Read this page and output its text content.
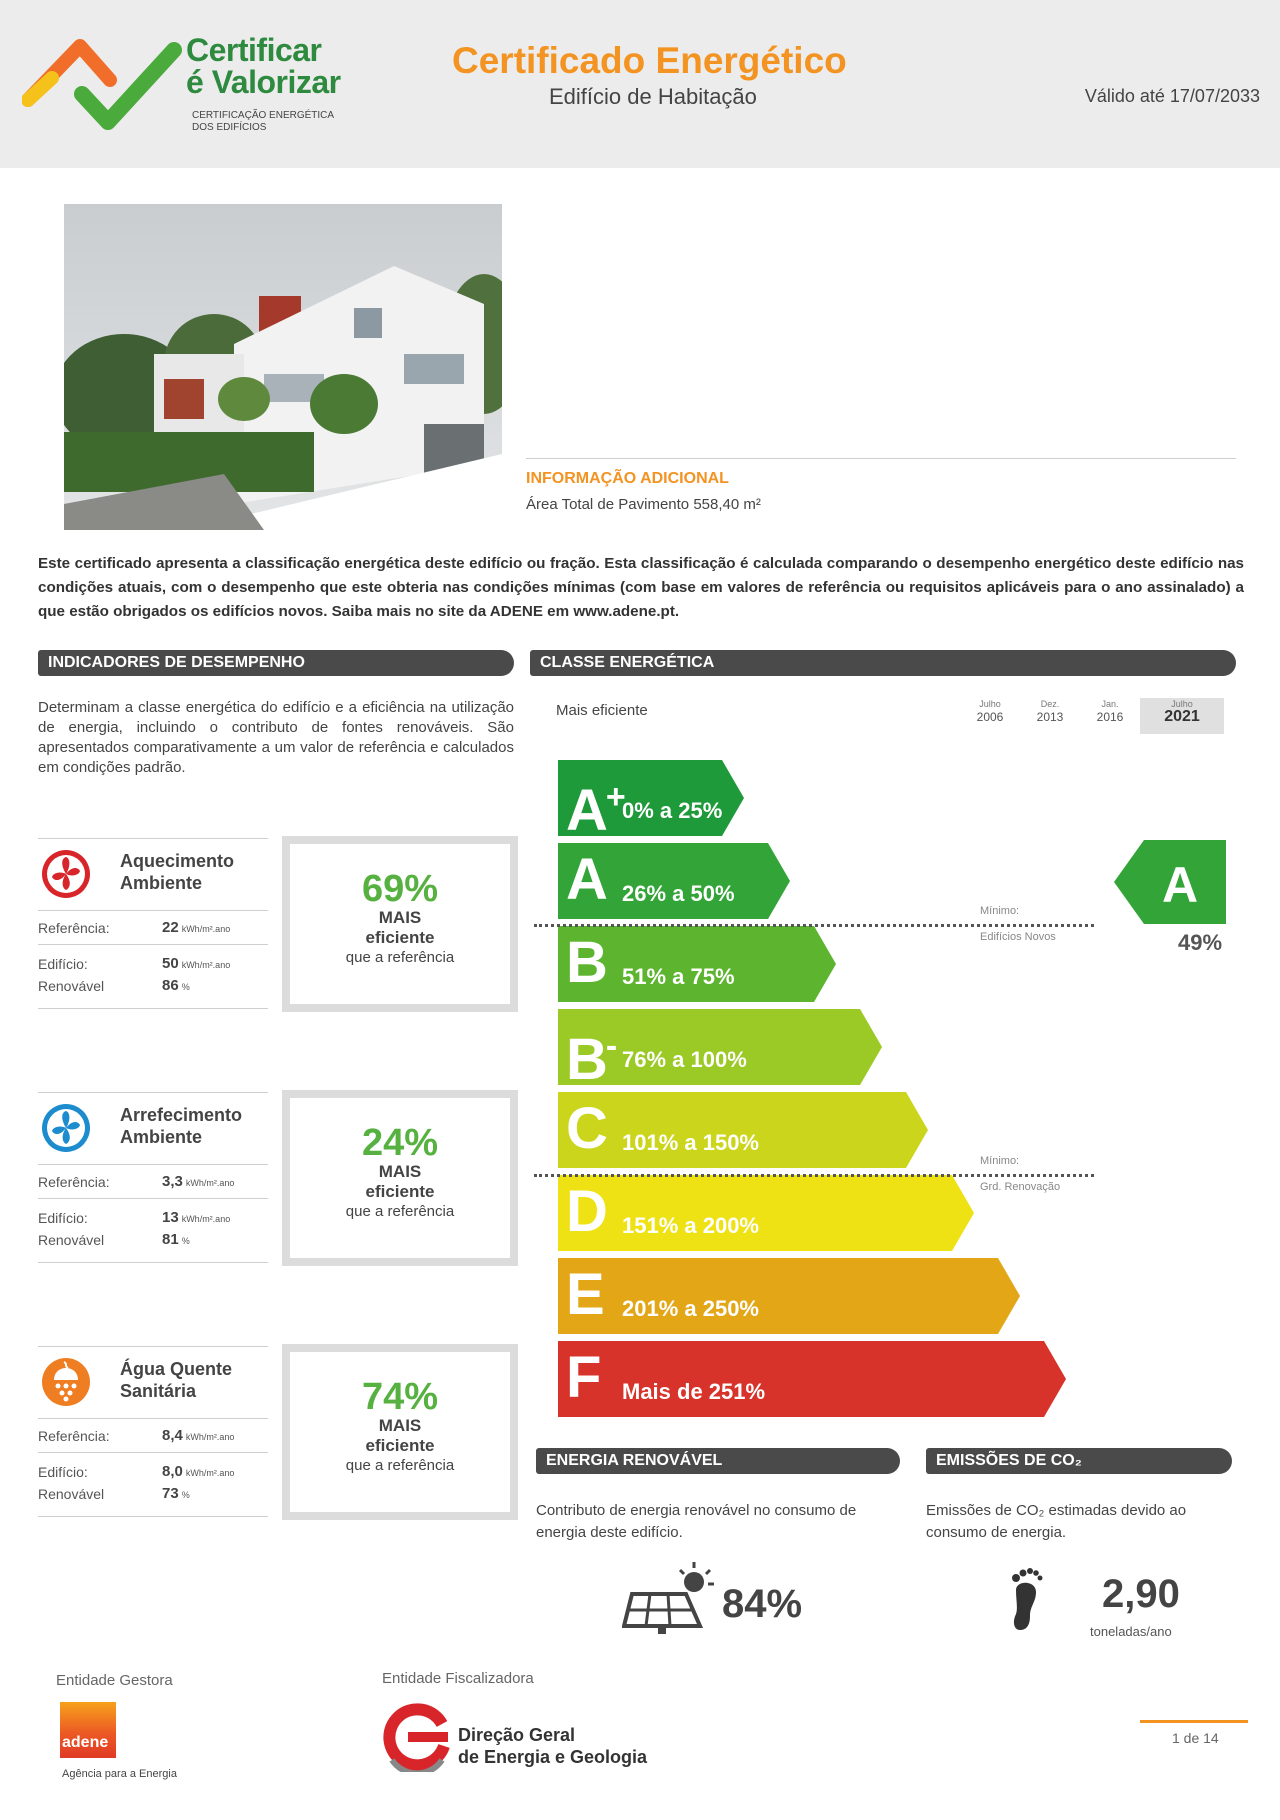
Certificar
é Valorizar
CERTIFICAÇÃO ENERGÉTICA
DOS EDIFÍCIOS
Certificado Energético
Edifício de Habitação	Válido até 17/07/2033
INFORMAÇÃO ADICIONAL
Área Total de Pavimento 558,40 m²
Este certificado apresenta a classificação energética deste edifício ou fração. Esta classificação é calculada comparando o desempenho energético deste edifício nas condições atuais, com o desempenho que este obteria nas condições mínimas (com base em valores de referência ou requisitos aplicáveis para o ano assinalado) a que estão obrigados os edifícios novos. Saiba mais no site da ADENE em www.adene.pt.
INDICADORES DE DESEMPENHO
Determinam a classe energética do edifício e a eficiência na utilização de energia, incluindo o contributo de fontes renováveis. São apresentados comparativamente a um valor de referência e calculados em condições padrão.
Aquecimento
Ambiente
Referência:	22 kWh/m².ano
Edifício:	50 kWh/m².ano
Renovável	86 %
69%
MAIS
eficiente
que a referência
Arrefecimento
Ambiente
Referência:	3,3 kWh/m².ano
Edifício:	13 kWh/m².ano
Renovável	81 %
24%
MAIS
eficiente
que a referência
Água Quente
Sanitária
Referência:	8,4 kWh/m².ano
Edifício:	8,0 kWh/m².ano
Renovável	73 %
74%
MAIS
eficiente
que a referência
CLASSE ENERGÉTICA
Mais eficiente	Julho
2006
Dez.
2013
Jan.
2016
Julho
2021
A+
0% a 25%
A 26% a 50%
B 51% a 75%
B- 76% a 100%
C 101% a 150%
D 151% a 200%
E 201% a 250%
F Mais de 251%
Mínimo:
Edifícios Novos
Mínimo:
Grd. Renovação
A
49%
ENERGIA RENOVÁVEL
Contributo de energia renovável no consumo de energia deste edifício.
84%
EMISSÕES DE CO₂
Emissões de CO₂ estimadas devido ao consumo de energia.
2,90
toneladas/ano
Entidade Gestora
adene
Agência para a Energia
Entidade Fiscalizadora
Direção Geral
de Energia e Geologia
1 de 14
